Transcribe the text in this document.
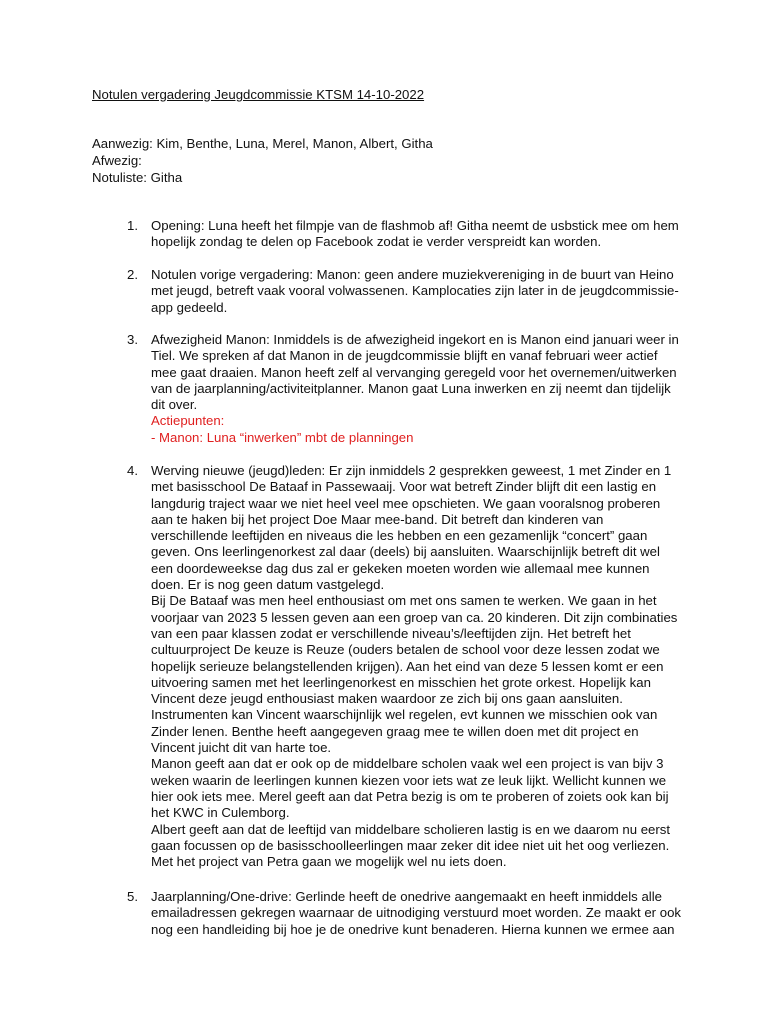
Notulen vergadering Jeugdcommissie KTSM 14-10-2022
Aanwezig: Kim, Benthe, Luna, Merel, Manon, Albert, Githa
Afwezig:
Notuliste: Githa
1. Opening: Luna heeft het filmpje van de flashmob af! Githa neemt de usbstick mee om hem
hopelijk zondag te delen op Facebook zodat ie verder verspreidt kan worden.
2. Notulen vorige vergadering: Manon: geen andere muziekvereniging in de buurt van Heino
met jeugd, betreft vaak vooral volwassenen. Kamplocaties zijn later in de jeugdcommissie-
app gedeeld.
3. Afwezigheid Manon: Inmiddels is de afwezigheid ingekort en is Manon eind januari weer in
Tiel. We spreken af dat Manon in de jeugdcommissie blijft en vanaf februari weer actief
mee gaat draaien. Manon heeft zelf al vervanging geregeld voor het overnemen/uitwerken
van de jaarplanning/activiteitplanner. Manon gaat Luna inwerken en zij neemt dan tijdelijk
dit over.
Actiepunten:
- Manon: Luna “inwerken” mbt de planningen
4. Werving nieuwe (jeugd)leden: Er zijn inmiddels 2 gesprekken geweest, 1 met Zinder en 1
met basisschool De Bataaf in Passewaaij. Voor wat betreft Zinder blijft dit een lastig en
langdurig traject waar we niet heel veel mee opschieten. We gaan vooralsnog proberen
aan te haken bij het project Doe Maar mee-band. Dit betreft dan kinderen van
verschillende leeftijden en niveaus die les hebben en een gezamenlijk “concert” gaan
geven. Ons leerlingenorkest zal daar (deels) bij aansluiten. Waarschijnlijk betreft dit wel
een doordeweekse dag dus zal er gekeken moeten worden wie allemaal mee kunnen
doen. Er is nog geen datum vastgelegd.
Bij De Bataaf was men heel enthousiast om met ons samen te werken. We gaan in het
voorjaar van 2023 5 lessen geven aan een groep van ca. 20 kinderen. Dit zijn combinaties
van een paar klassen zodat er verschillende niveau’s/leeftijden zijn. Het betreft het
cultuurproject De keuze is Reuze (ouders betalen de school voor deze lessen zodat we
hopelijk serieuze belangstellenden krijgen). Aan het eind van deze 5 lessen komt er een
uitvoering samen met het leerlingenorkest en misschien het grote orkest. Hopelijk kan
Vincent deze jeugd enthousiast maken waardoor ze zich bij ons gaan aansluiten.
Instrumenten kan Vincent waarschijnlijk wel regelen, evt kunnen we misschien ook van
Zinder lenen. Benthe heeft aangegeven graag mee te willen doen met dit project en
Vincent juicht dit van harte toe.
Manon geeft aan dat er ook op de middelbare scholen vaak wel een project is van bijv 3
weken waarin de leerlingen kunnen kiezen voor iets wat ze leuk lijkt. Wellicht kunnen we
hier ook iets mee. Merel geeft aan dat Petra bezig is om te proberen of zoiets ook kan bij
het KWC in Culemborg.
Albert geeft aan dat de leeftijd van middelbare scholieren lastig is en we daarom nu eerst
gaan focussen op de basisschoolleerlingen maar zeker dit idee niet uit het oog verliezen.
Met het project van Petra gaan we mogelijk wel nu iets doen.
5. Jaarplanning/One-drive: Gerlinde heeft de onedrive aangemaakt en heeft inmiddels alle
emailadressen gekregen waarnaar de uitnodiging verstuurd moet worden. Ze maakt er ook
nog een handleiding bij hoe je de onedrive kunt benaderen. Hierna kunnen we ermee aan
